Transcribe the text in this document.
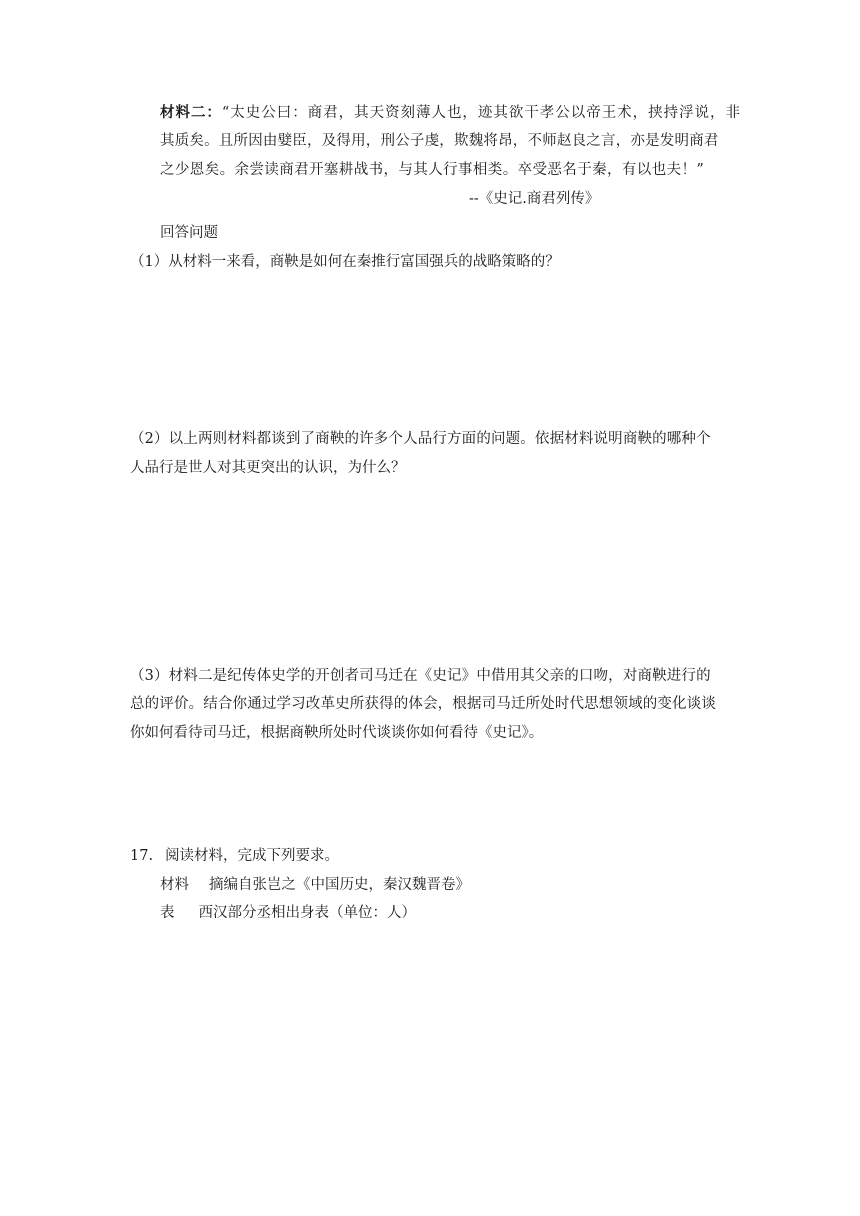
材料二：“太史公曰：商君，其天资刻薄人也，迹其欲干孝公以帝王术，挟持浮说，非
其质矣。且所因由嬖臣，及得用，刑公子虔，欺魏将昂，不师赵良之言，亦是发明商君
之少恩矣。余尝读商君开塞耕战书，与其人行事相类。卒受恶名于秦，有以也夫！”
--《史记.商君列传》
回答问题
（1）从材料一来看，商鞅是如何在秦推行富国强兵的战略策略的？
（2）以上两则材料都谈到了商鞅的许多个人品行方面的问题。依据材料说明商鞅的哪种个
人品行是世人对其更突出的认识，为什么？
（3）材料二是纪传体史学的开创者司马迁在《史记》中借用其父亲的口吻，对商鞅进行的
总的评价。结合你通过学习改革史所获得的体会，根据司马迁所处时代思想领域的变化谈谈
你如何看待司马迁，根据商鞅所处时代谈谈你如何看待《史记》。
17. 阅读材料，完成下列要求。
材料 摘编自张岂之《中国历史，秦汉魏晋卷》
表 西汉部分丞相出身表（单位：人）
